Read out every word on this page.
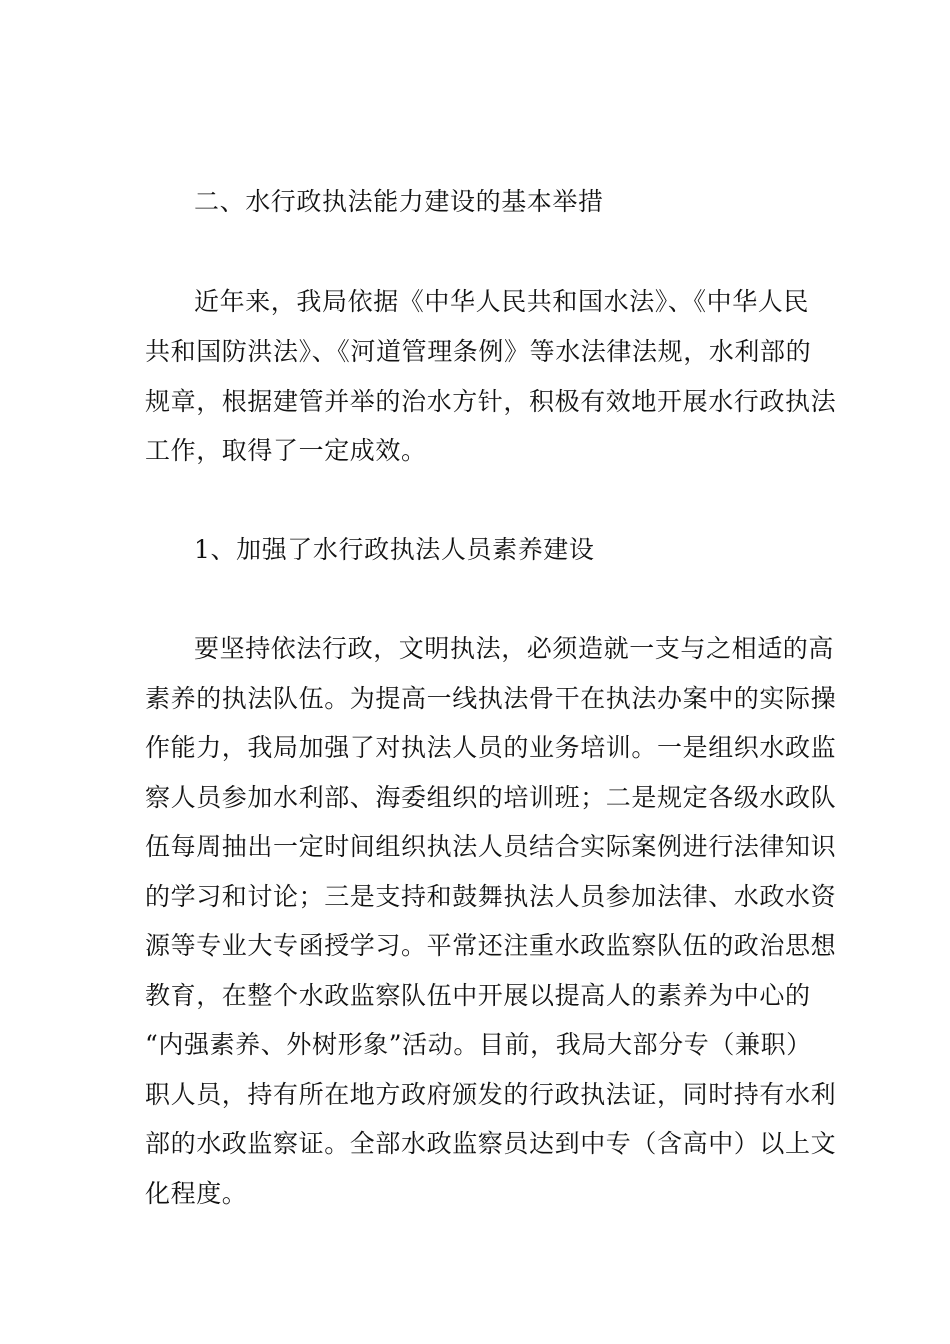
二、水行政执法能力建设的基本举措
近年来，我局依据《中华人民共和国水法》、《中华人民
共和国防洪法》、《河道管理条例》等水法律法规，水利部的
规章，根据建管并举的治水方针，积极有效地开展水行政执法
工作，取得了一定成效。
1、加强了水行政执法人员素养建设
要坚持依法行政，文明执法，必须造就一支与之相适的高
素养的执法队伍。为提高一线执法骨干在执法办案中的实际操
作能力，我局加强了对执法人员的业务培训。一是组织水政监
察人员参加水利部、海委组织的培训班；二是规定各级水政队
伍每周抽出一定时间组织执法人员结合实际案例进行法律知识
的学习和讨论；三是支持和鼓舞执法人员参加法律、水政水资
源等专业大专函授学习。平常还注重水政监察队伍的政治思想
教育，在整个水政监察队伍中开展以提高人的素养为中心的
“内强素养、外树形象”活动。目前，我局大部分专（兼职）
职人员，持有所在地方政府颁发的行政执法证，同时持有水利
部的水政监察证。全部水政监察员达到中专（含高中）以上文
化程度。
